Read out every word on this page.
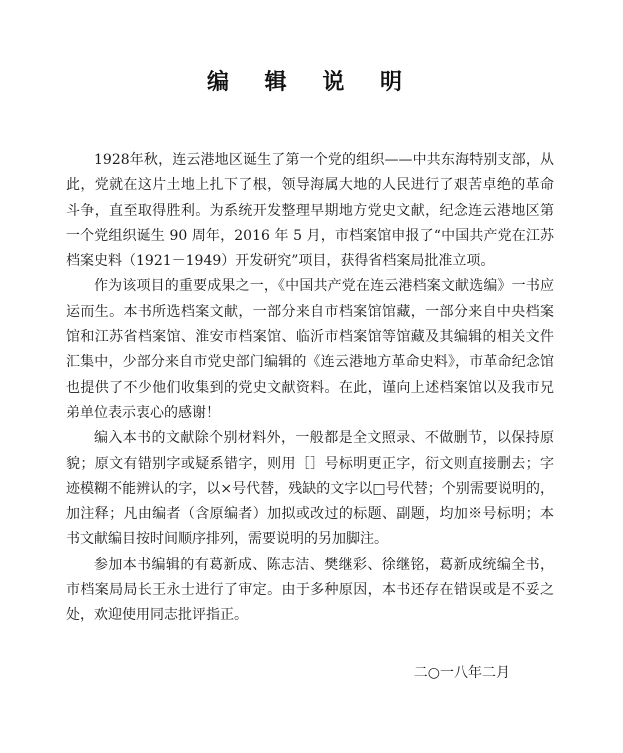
编 辑 说 明

1928年秋，连云港地区诞生了第一个党的组织——中共东海特别支部，从此，党就在这片土地上扎下了根，领导海属大地的人民进行了艰苦卓绝的革命斗争，直至取得胜利。为系统开发整理早期地方党史文献，纪念连云港地区第一个党组织诞生 90 周年，2016 年 5 月，市档案馆申报了“中国共产党在江苏档案史料（1921－1949）开发研究”项目，获得省档案局批准立项。

作为该项目的重要成果之一，《中国共产党在连云港档案文献选编》一书应运而生。本书所选档案文献，一部分来自市档案馆馆藏，一部分来自中央档案馆和江苏省档案馆、淮安市档案馆、临沂市档案馆等馆藏及其编辑的相关文件汇集中，少部分来自市党史部门编辑的《连云港地方革命史料》，市革命纪念馆也提供了不少他们收集到的党史文献资料。在此，谨向上述档案馆以及我市兄弟单位表示衷心的感谢！

编入本书的文献除个别材料外，一般都是全文照录、不做删节，以保持原貌；原文有错别字或疑系错字，则用［］号标明更正字，衍文则直接删去；字迹模糊不能辨认的字，以×号代替，残缺的文字以□号代替；个别需要说明的，加注释；凡由编者（含原编者）加拟或改过的标题、副题，均加※号标明；本书文献编目按时间顺序排列，需要说明的另加脚注。

参加本书编辑的有葛新成、陈志洁、樊继彩、徐继铭，葛新成统编全书，市档案局局长王永士进行了审定。由于多种原因，本书还存在错误或是不妥之处，欢迎使用同志批评指正。

二○一八年二月
